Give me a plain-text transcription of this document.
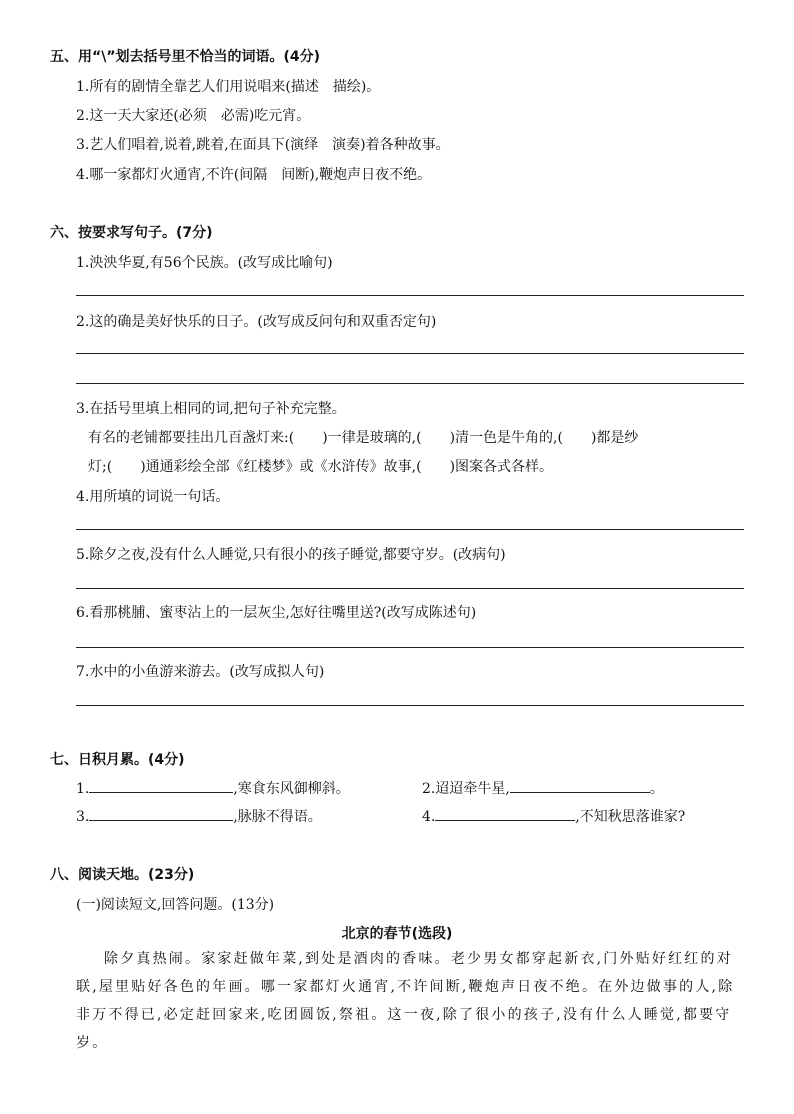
五、用“\”划去括号里不恰当的词语。(4分)
1.所有的剧情全靠艺人们用说唱来(描述　描绘)。
2.这一天大家还(必须　必需)吃元宵。
3.艺人们唱着,说着,跳着,在面具下(演绎　演奏)着各种故事。
4.哪一家都灯火通宵,不许(间隔　间断),鞭炮声日夜不绝。
六、按要求写句子。(7分)
1.泱泱华夏,有56个民族。(改写成比喻句)
2.这的确是美好快乐的日子。(改写成反问句和双重否定句)
3.在括号里填上相同的词,把句子补充完整。
有名的老铺都要挂出几百盏灯来:( )一律是玻璃的,( )清一色是牛角的,( )都是纱
灯;( )通通彩绘全部《红楼梦》或《水浒传》故事,( )图案各式各样。
4.用所填的词说一句话。
5.除夕之夜,没有什么人睡觉,只有很小的孩子睡觉,都要守岁。(改病句)
6.看那桃脯、蜜枣沾上的一层灰尘,怎好往嘴里送?(改写成陈述句)
7.水中的小鱼游来游去。(改写成拟人句)
七、日积月累。(4分)
1.	,寒食东风御柳斜。	2.迢迢牵牛星,	。
3.	,脉脉不得语。	4.	,不知秋思落谁家?
八、阅读天地。(23分)
(一)阅读短文,回答问题。(13分)
北京的春节(选段)
除夕真热闹。家家赶做年菜,到处是酒肉的香味。老少男女都穿起新衣,门外贴好红红的对联,屋里贴好各色的年画。哪一家都灯火通宵,不许间断,鞭炮声日夜不绝。在外边做事的人,除非万不得已,必定赶回家来,吃团圆饭,祭祖。这一夜,除了很小的孩子,没有什么人睡觉,都要守岁。
